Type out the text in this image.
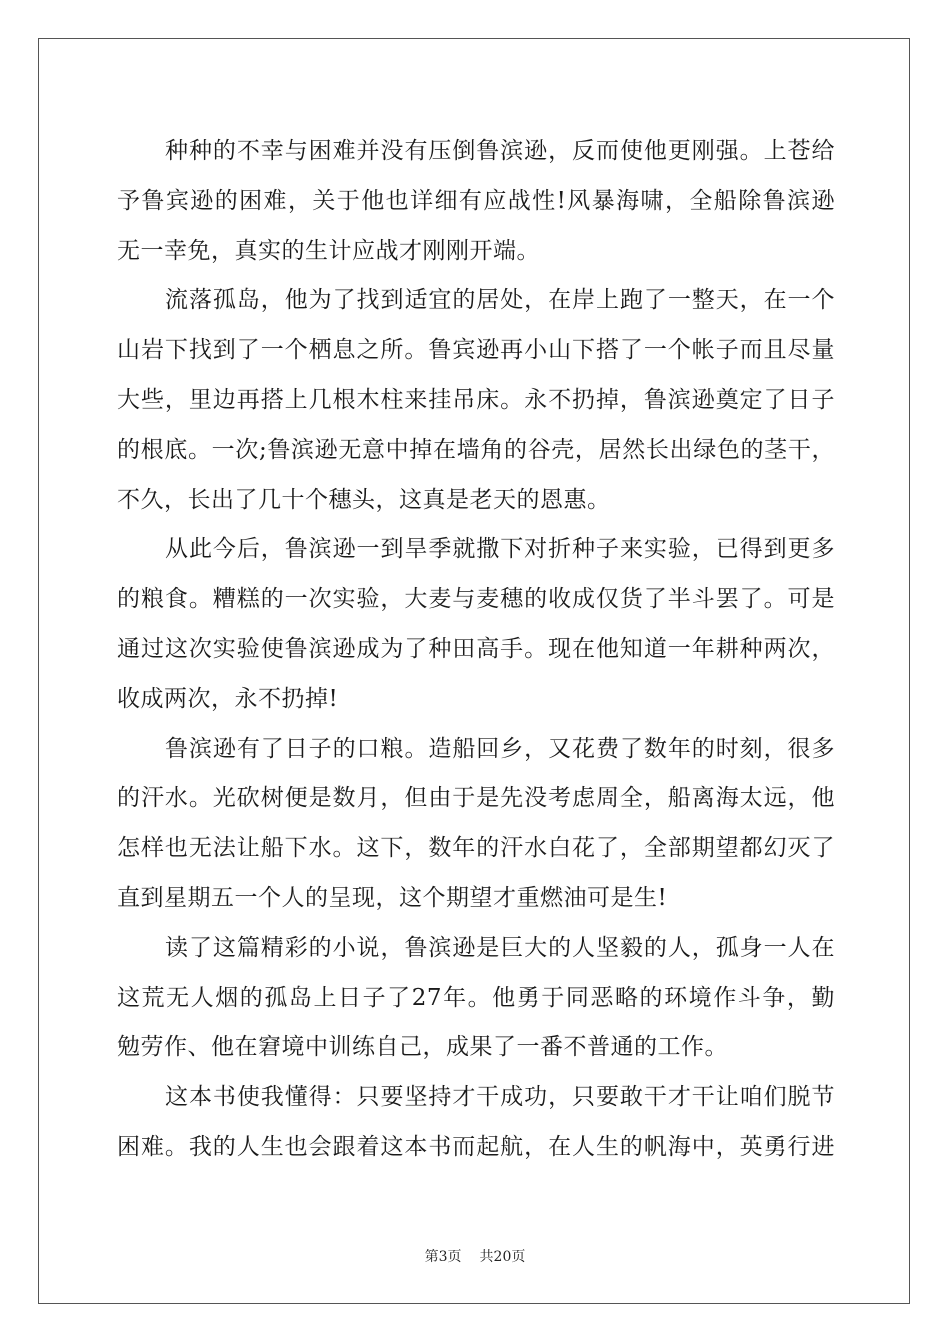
种种的不幸与困难并没有压倒鲁滨逊，反而使他更刚强。上苍给
予鲁宾逊的困难，关于他也详细有应战性!风暴海啸，全船除鲁滨逊
无一幸免，真实的生计应战才刚刚开端。
流落孤岛，他为了找到适宜的居处，在岸上跑了一整天，在一个
山岩下找到了一个栖息之所。鲁宾逊再小山下搭了一个帐子而且尽量
大些，里边再搭上几根木柱来挂吊床。永不扔掉，鲁滨逊奠定了日子
的根底。一次;鲁滨逊无意中掉在墙角的谷壳，居然长出绿色的茎干，
不久，长出了几十个穗头，这真是老天的恩惠。
从此今后，鲁滨逊一到旱季就撒下对折种子来实验，已得到更多
的粮食。糟糕的一次实验，大麦与麦穗的收成仅货了半斗罢了。可是
通过这次实验使鲁滨逊成为了种田高手。现在他知道一年耕种两次，
收成两次，永不扔掉!
鲁滨逊有了日子的口粮。造船回乡，又花费了数年的时刻，很多
的汗水。光砍树便是数月，但由于是先没考虑周全，船离海太远，他
怎样也无法让船下水。这下，数年的汗水白花了，全部期望都幻灭了
直到星期五一个人的呈现，这个期望才重燃油可是生!
读了这篇精彩的小说，鲁滨逊是巨大的人坚毅的人，孤身一人在
这荒无人烟的孤岛上日子了27年。他勇于同恶略的环境作斗争，勤
勉劳作、他在窘境中训练自己，成果了一番不普通的工作。
这本书使我懂得：只要坚持才干成功，只要敢干才干让咱们脱节
困难。我的人生也会跟着这本书而起航，在人生的帆海中，英勇行进
第3页 共20页
